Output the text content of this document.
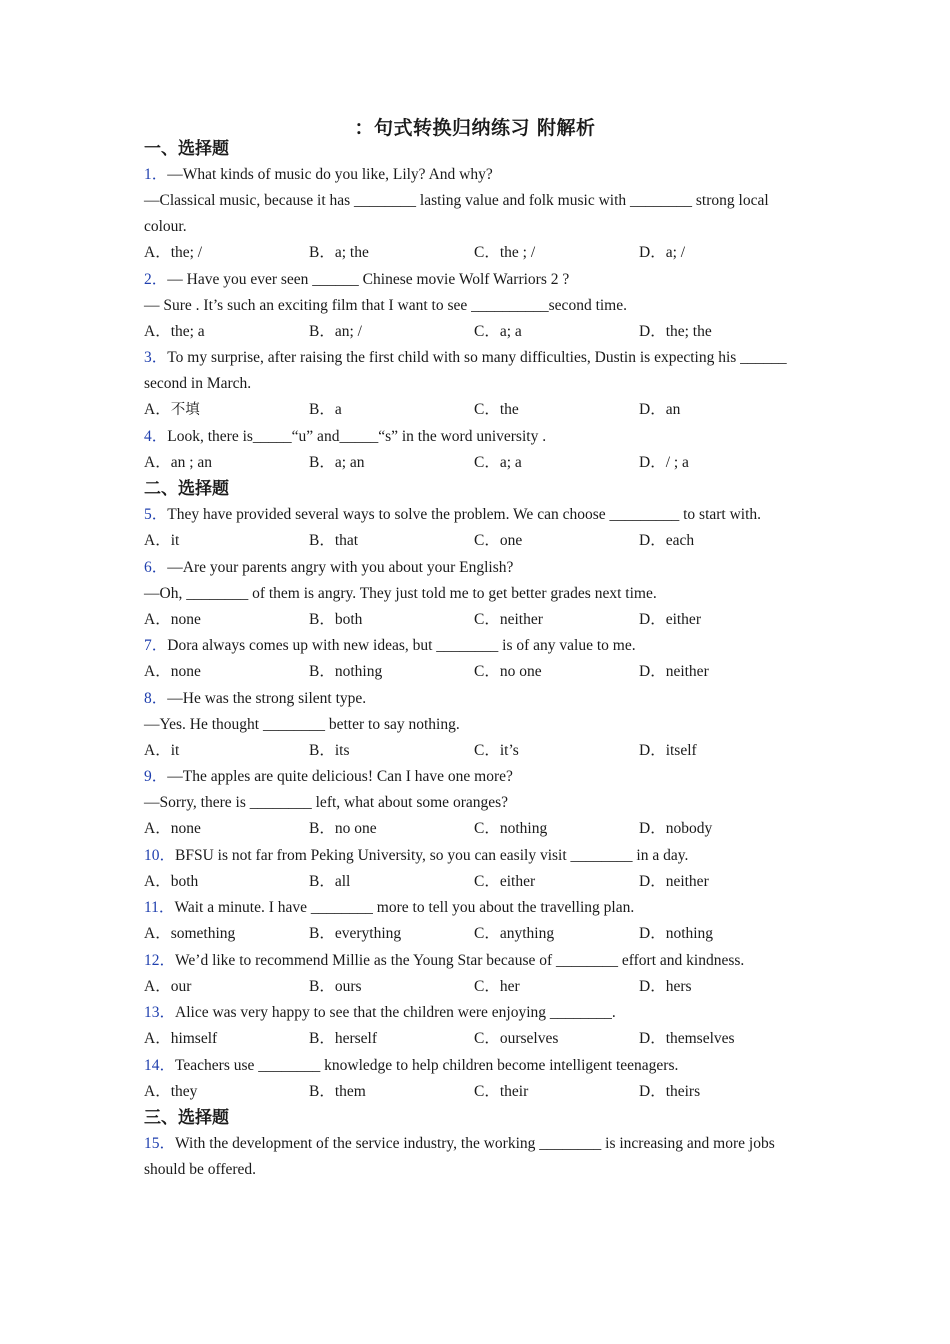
：句式转换归纳练习 附解析
一、选择题
1．—What kinds of music do you like, Lily? And why?
—Classical music, because it has ________ lasting value and folk music with ________ strong local colour.
A．the; /	B．a; the	C．the ; /	D．a; /
2．— Have you ever seen ______ Chinese movie Wolf Warriors 2 ?
— Sure . It’s such an exciting film that I want to see __________second time.
A．the; a	B．an; /	C．a; a	D．the; the
3．To my surprise, after raising the first child with so many difficulties, Dustin is expecting his ______ second in March.
A．不填	B．a	C．the	D．an
4．Look, there is_____“u” and_____“s” in the word university .
A．an ; an	B．a; an	C．a; a	D．/ ; a
二、选择题
5．They have provided several ways to solve the problem. We can choose _________ to start with.
A．it	B．that	C．one	D．each
6．—Are your parents angry with you about your English?
—Oh, ________ of them is angry. They just told me to get better grades next time.
A．none	B．both	C．neither	D．either
7．Dora always comes up with new ideas, but ________ is of any value to me.
A．none	B．nothing	C．no one	D．neither
8．—He was the strong silent type.
—Yes. He thought ________ better to say nothing.
A．it	B．its	C．it’s	D．itself
9．—The apples are quite delicious! Can I have one more?
—Sorry, there is ________ left, what about some oranges?
A．none	B．no one	C．nothing	D．nobody
10．BFSU is not far from Peking University, so you can easily visit ________ in a day.
A．both	B．all	C．either	D．neither
11．Wait a minute. I have ________ more to tell you about the travelling plan.
A．something	B．everything	C．anything	D．nothing
12．We’d like to recommend Millie as the Young Star because of ________ effort and kindness.
A．our	B．ours	C．her	D．hers
13．Alice was very happy to see that the children were enjoying ________.
A．himself	B．herself	C．ourselves	D．themselves
14．Teachers use ________ knowledge to help children become intelligent teenagers.
A．they	B．them	C．their	D．theirs
三、选择题
15．With the development of the service industry, the working ________ is increasing and more jobs should be offered.
